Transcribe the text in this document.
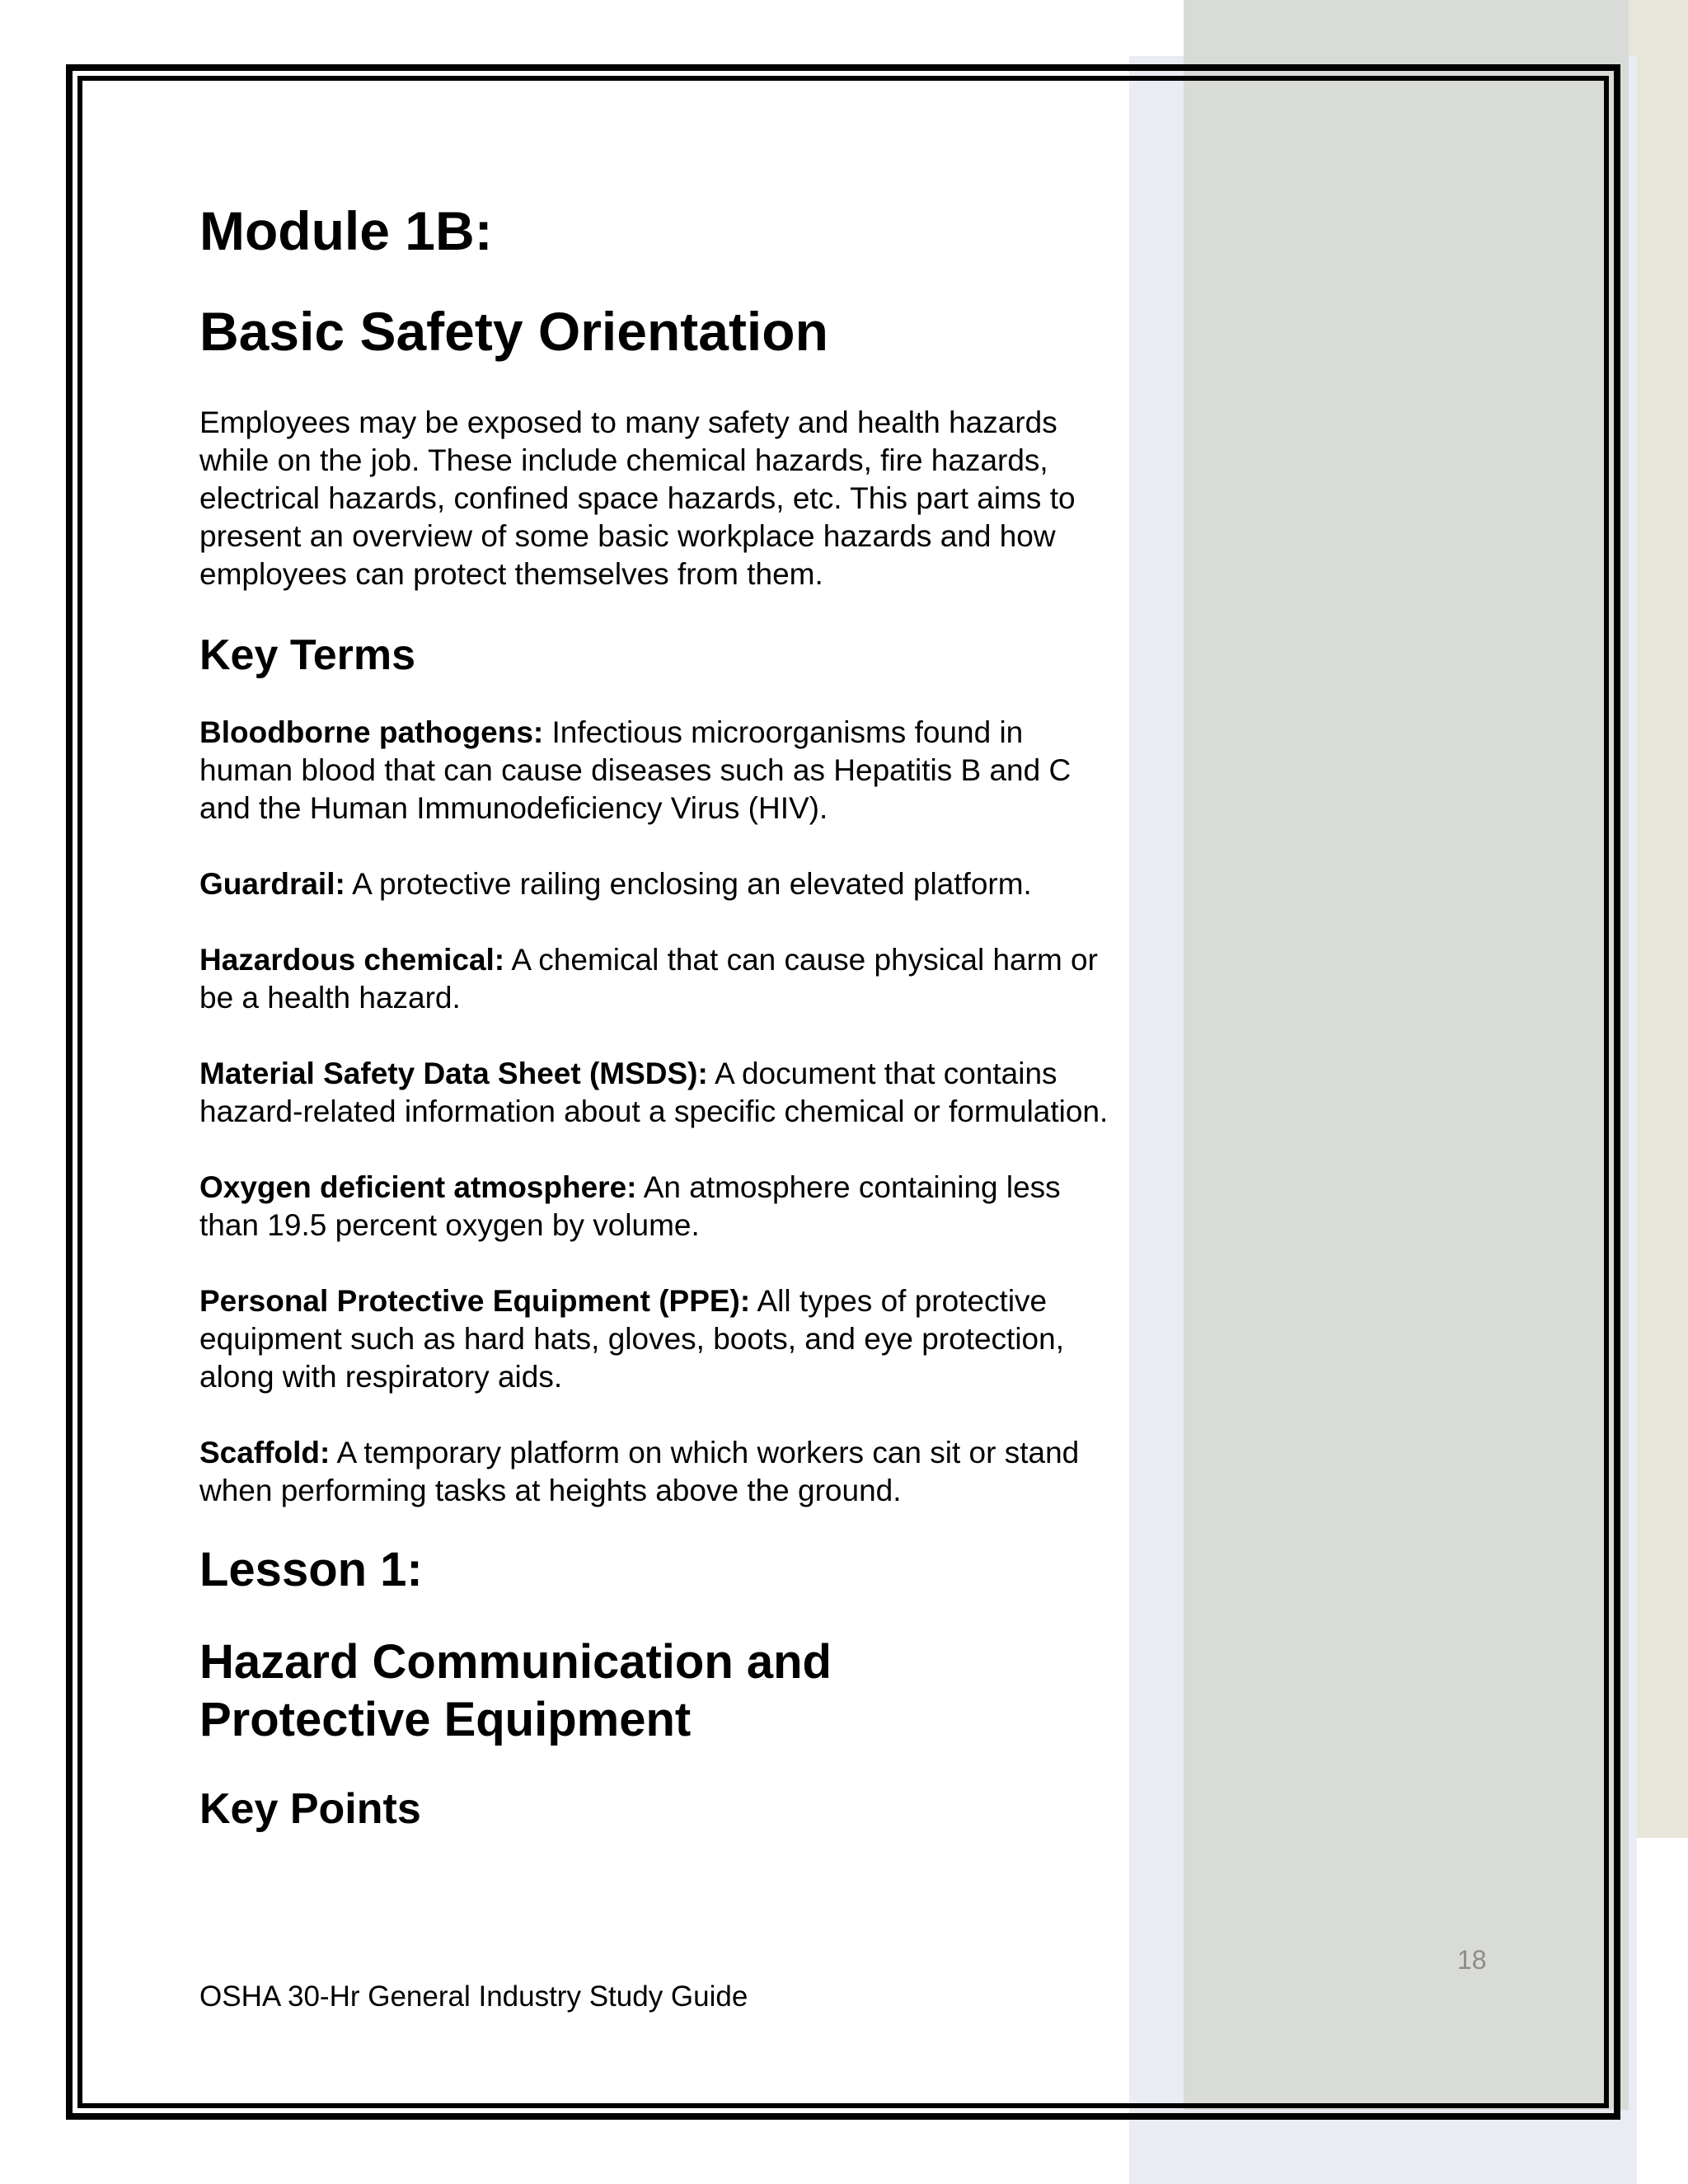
Module 1B:
Basic Safety Orientation

Employees may be exposed to many safety and health hazards while on the job. These include chemical hazards, fire hazards, electrical hazards, confined space hazards, etc. This part aims to present an overview of some basic workplace hazards and how employees can protect themselves from them.

Key Terms

Bloodborne pathogens: Infectious microorganisms found in human blood that can cause diseases such as Hepatitis B and C and the Human Immunodeficiency Virus (HIV).

Guardrail: A protective railing enclosing an elevated platform.

Hazardous chemical: A chemical that can cause physical harm or be a health hazard.

Material Safety Data Sheet (MSDS): A document that contains hazard-related information about a specific chemical or formulation.

Oxygen deficient atmosphere: An atmosphere containing less than 19.5 percent oxygen by volume.

Personal Protective Equipment (PPE): All types of protective equipment such as hard hats, gloves, boots, and eye protection, along with respiratory aids.

Scaffold: A temporary platform on which workers can sit or stand when performing tasks at heights above the ground.

Lesson 1:
Hazard Communication and
Protective Equipment
Key Points
18
OSHA 30-Hr General Industry Study Guide
